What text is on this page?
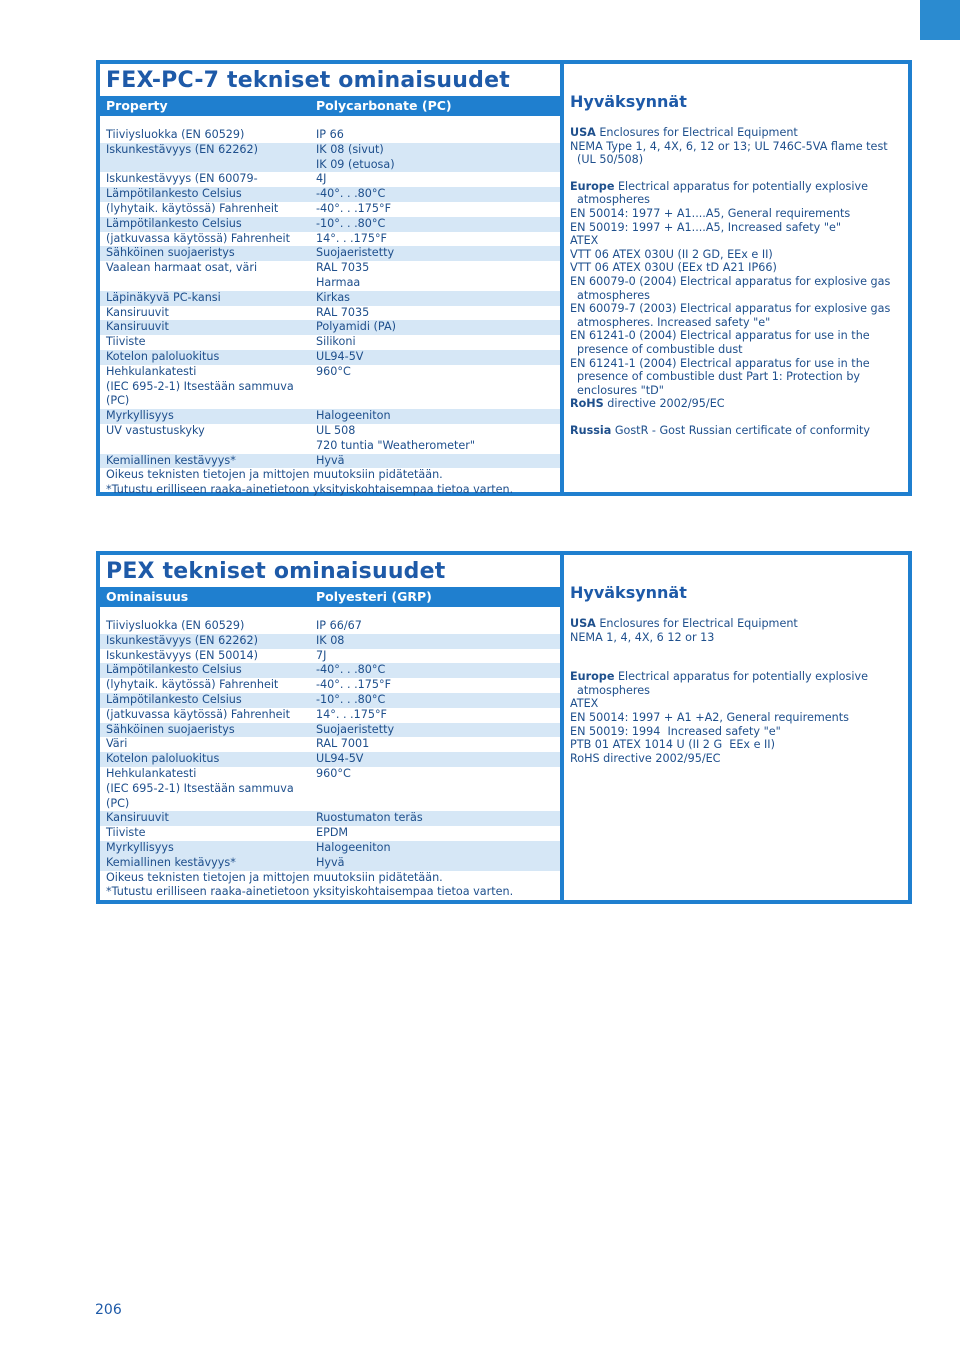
FEX-PC-7 tekniset ominaisuudet
Property	Polycarbonate (PC)
Tiiviysluokka (EN 60529)	IP 66
Iskunkestävyys (EN 62262)	IK 08 (sivut)
IK 09 (etuosa)
Iskunkestävyys (EN 60079-	4J
Lämpötilankesto Celsius	-40°. . .80°C
(lyhytaik. käytössä) Fahrenheit	-40°. . .175°F
Lämpötilankesto Celsius	-10°. . .80°C
(jatkuvassa käytössä) Fahrenheit	14°. . .175°F
Sähköinen suojaeristys	Suojaeristetty
Vaalean harmaat osat, väri	RAL 7035
Harmaa
Läpinäkyvä PC-kansi	Kirkas
Kansiruuvit	RAL 7035
Kansiruuvit	Polyamidi (PA)
Tiiviste	Silikoni
Kotelon paloluokitus	UL94-5V
Hehkulankatesti	960°C
(IEC 695-2-1) Itsestään sammuva
(PC)
Myrkyllisyys	Halogeeniton
UV vastustuskyky	UL 508
720 tuntia "Weatherometer"
Kemiallinen kestävyys*	Hyvä
Oikeus teknisten tietojen ja mittojen muutoksiin pidätetään.
*Tutustu erilliseen raaka-ainetietoon yksityiskohtaisempaa tietoa varten.
Hyväksynnät
USA Enclosures for Electrical Equipment
NEMA Type 1, 4, 4X, 6, 12 or 13; UL 746C-5VA flame test
(UL 50/508)
Europe Electrical apparatus for potentially explosive
atmospheres
EN 50014: 1977 + A1....A5, General requirements
EN 50019: 1997 + A1....A5, Increased safety "e"
ATEX
VTT 06 ATEX 030U (II 2 GD, EEx e II)
VTT 06 ATEX 030U (EEx tD A21 IP66)
EN 60079-0 (2004) Electrical apparatus for explosive gas
atmospheres
EN 60079-7 (2003) Electrical apparatus for explosive gas
atmospheres. Increased safety "e"
EN 61241-0 (2004) Electrical apparatus for use in the
presence of combustible dust
EN 61241-1 (2004) Electrical apparatus for use in the
presence of combustible dust Part 1: Protection by
enclosures "tD"
RoHS directive 2002/95/EC
Russia GostR - Gost Russian certificate of conformity
PEX tekniset ominaisuudet
Ominaisuus	Polyesteri (GRP)
Tiiviysluokka (EN 60529)	IP 66/67
Iskunkestävyys (EN 62262)	IK 08
Iskunkestävyys (EN 50014)	7J
Lämpötilankesto Celsius	-40°. . .80°C
(lyhytaik. käytössä) Fahrenheit	-40°. . .175°F
Lämpötilankesto Celsius	-10°. . .80°C
(jatkuvassa käytössä) Fahrenheit	14°. . .175°F
Sähköinen suojaeristys	Suojaeristetty
Väri	RAL 7001
Kotelon paloluokitus	UL94-5V
Hehkulankatesti	960°C
(IEC 695-2-1) Itsestään sammuva
(PC)
Kansiruuvit	Ruostumaton teräs
Tiiviste	EPDM
Myrkyllisyys	Halogeeniton
Kemiallinen kestävyys*	Hyvä
Oikeus teknisten tietojen ja mittojen muutoksiin pidätetään.
*Tutustu erilliseen raaka-ainetietoon yksityiskohtaisempaa tietoa varten.
Hyväksynnät
USA Enclosures for Electrical Equipment
NEMA 1, 4, 4X, 6 12 or 13
Europe Electrical apparatus for potentially explosive
atmospheres
ATEX
EN 50014: 1997 + A1 +A2, General requirements
EN 50019: 1994  Increased safety "e"
PTB 01 ATEX 1014 U (II 2 G  EEx e II)
RoHS directive 2002/95/EC
206
